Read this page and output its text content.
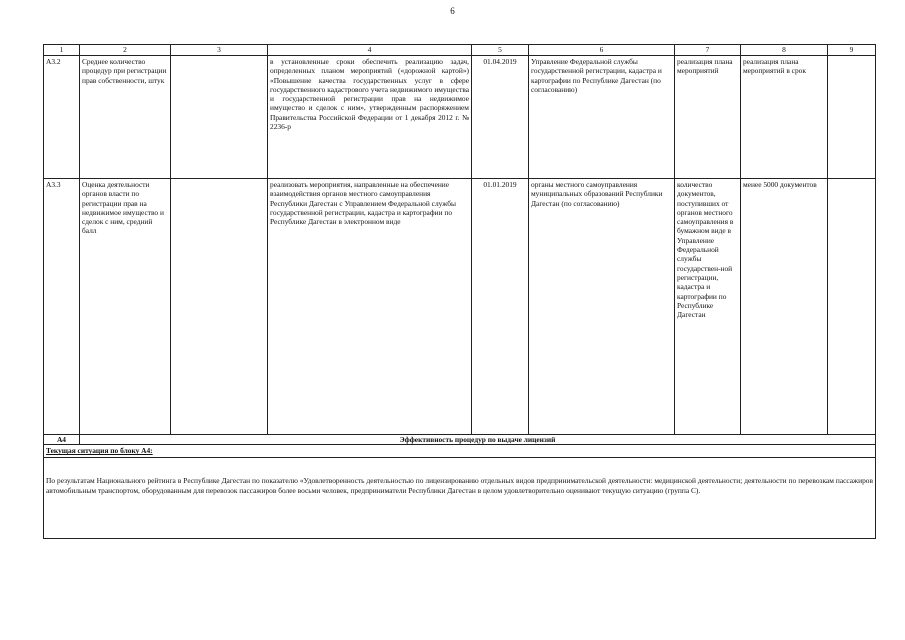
6
1	2	3	4	5	6	7	8	9
А3.2	Среднее количество процедур при регистрации прав собственности, штук		в установленные сроки обеспечить реализацию задач, определенных планом мероприятий («дорожной картой») «Повышение качества государственных услуг в сфере государственного кадастрового учета недвижимого имущества и государственной регистрации прав на недвижимое имущество и сделок с ним», утвержденным распоряжением Правительства Российской Федерации от 1 декабря 2012 г. № 2236-р	01.04.2019	Управление Федеральной службы государственной регистрации, кадастра и картографии по Республике Дагестан (по согласованию)	реализация плана мероприятий	реализация плана мероприятий в срок	
А3.3	Оценка деятельности органов власти по регистрации прав на недвижимое имущество и сделок с ним, средний балл		реализовать мероприятия, направленные на обеспечение взаимодействия органов местного самоуправления Республики Дагестан с Управлением Федеральной службы государственной регистрации, кадастра и картографии по Республике Дагестан в электронном виде	01.01.2019	органы местного самоуправления муниципальных образований Республики Дагестан (по согласованию)	количество документов, поступивших от органов местного самоуправления в бумажном виде в Управление Федеральной службы государствен-ной регистрации, кадастра и картографии по Республике Дагестан	менее 5000 документов	
А4	Эффективность процедур по выдаче лицензий							
Текущая ситуация по блоку А4:								
По результатам Национального рейтинга в Республике Дагестан по показателю «Удовлетворенность деятельностью по лицензированию отдельных видов предпринимательской деятельности: медицинской деятельности; деятельности по перевозкам пассажиров автомобильным транспортом, оборудованным для перевозок пассажиров более восьми человек, предприниматели Республики Дагестан в целом удовлетворительно оценивают текущую ситуацию (группа С).								
